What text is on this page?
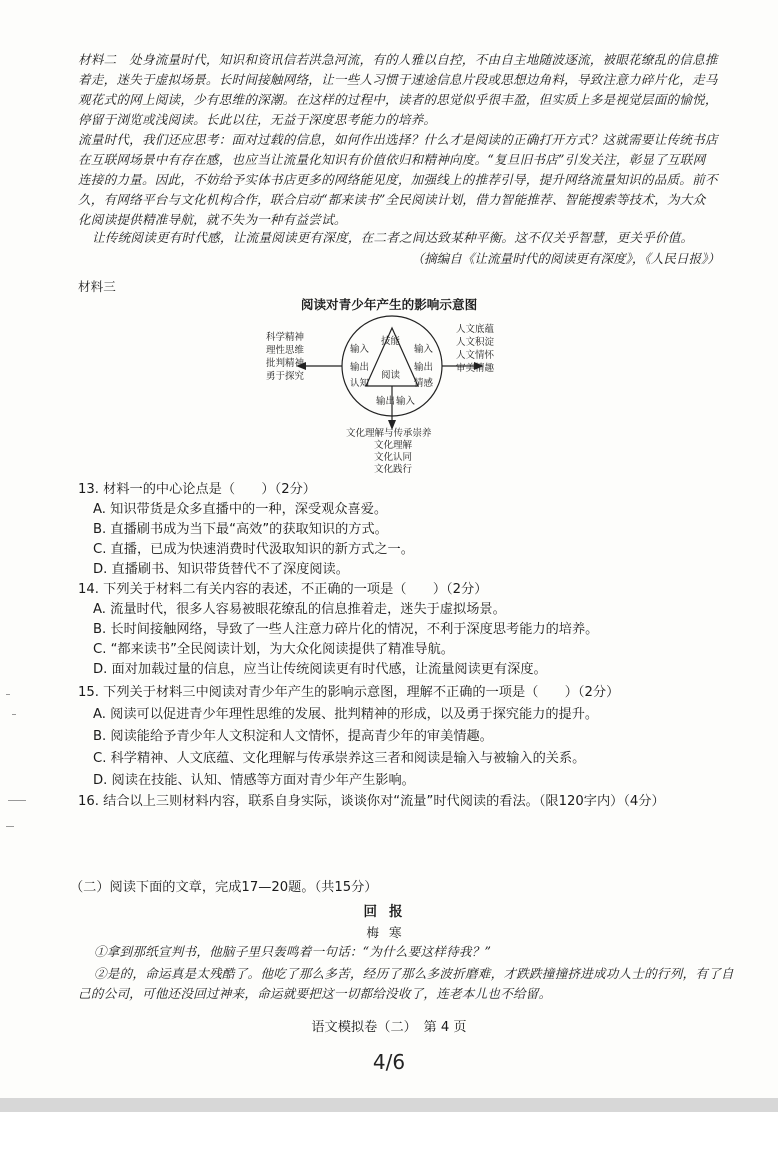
材料二　处身流量时代，知识和资讯信若洪急河流，有的人雅以自控，不由自主地随波逐流，被眼花缭乱的信息推着走，迷失于虚拟场景。长时间接触网络，让一些人习惯于速途信息片段或思想边角料，导致注意力碎片化，走马观花式的网上阅读，少有思维的深潮。在这样的过程中，读者的思觉似乎很丰盈，但实质上多是视觉层面的愉悦，停留于浏览或浅阅读。长此以往，无益于深度思考能力的培养。

流量时代，我们还应思考：面对过载的信息，如何作出选择？什么才是阅读的正确打开方式？这就需要让传统书店在互联网场景中有存在感，也应当让流量化知识有价值依归和精神向度。“复旦旧书店”引发关注，彰显了互联网连接的力量。因此，不妨给予实体书店更多的网络能见度，加强线上的推荐引导，提升网络流量知识的品质。前不久，有网络平台与文化机构合作，联合启动“都来读书”全民阅读计划，借力智能推荐、智能搜索等技术，为大众化阅读提供精准导航，就不失为一种有益尝试。

让传统阅读更有时代感，让流量阅读更有深度，在二者之间达致某种平衡。这不仅关乎智慧，更关乎价值。

（摘编自《让流量时代的阅读更有深度》，《人民日报》）
材料三
阅读对青少年产生的影响示意图
技能
认知	情感
阅读
输入	输入
输出	输出
输出 输入
科学精神
理性思维
批判精神
勇于探究
人文底蕴
人文积淀
人文情怀
审美情趣
文化理解与传承崇养
文化理解
文化认同
文化践行

13. 材料一的中心论点是（　　）（2分）

A. 知识带货是众多直播中的一种，深受观众喜爱。

B. 直播刷书成为当下最“高效”的获取知识的方式。

C. 直播，已成为快速消费时代汲取知识的新方式之一。

D. 直播刷书、知识带货替代不了深度阅读。

14. 下列关于材料二有关内容的表述，不正确的一项是（　　）（2分）

A. 流量时代，很多人容易被眼花缭乱的信息推着走，迷失于虚拟场景。

B. 长时间接触网络，导致了一些人注意力碎片化的情况，不利于深度思考能力的培养。

C. “都来读书”全民阅读计划，为大众化阅读提供了精准导航。

D. 面对加载过量的信息，应当让传统阅读更有时代感，让流量阅读更有深度。

15. 下列关于材料三中阅读对青少年产生的影响示意图，理解不正确的一项是（　　）（2分）

A. 阅读可以促进青少年理性思维的发展、批判精神的形成，以及勇于探究能力的提升。

B. 阅读能给予青少年人文积淀和人文情怀，提高青少年的审美情趣。

C. 科学精神、人文底蕴、文化理解与传承崇养这三者和阅读是输入与被输入的关系。

D. 阅读在技能、认知、情感等方面对青少年产生影响。

16. 结合以上三则材料内容，联系自身实际，谈谈你对“流量”时代阅读的看法。（限120字内）（4分）

（二）阅读下面的文章，完成17—20题。（共15分）
回报
梅寒

①拿到那纸宣判书，他脑子里只轰鸣着一句话：“为什么要这样待我？”

②是的，命运真是太残酷了。他吃了那么多苦，经历了那么多波折磨难，才跌跌撞撞挤进成功人士的行列，有了自己的公司，可他还没回过神来，命运就要把这一切都给没收了，连老本儿也不给留。

语文模拟卷（二）　第 4 页
4/6
